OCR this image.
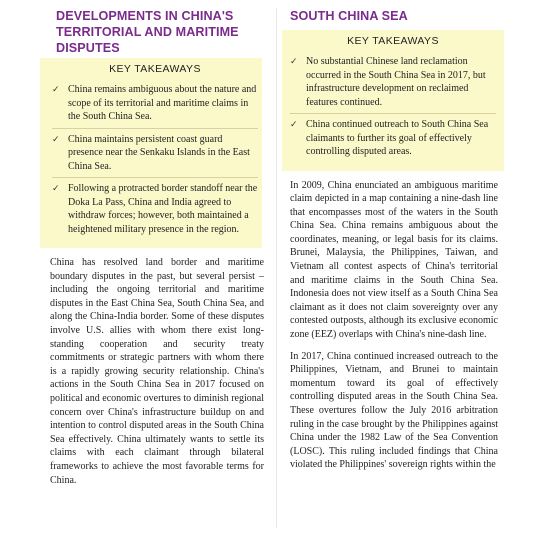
DEVELOPMENTS IN CHINA'S TERRITORIAL AND MARITIME DISPUTES
KEY TAKEAWAYS
✓ China remains ambiguous about the nature and scope of its territorial and maritime claims in the South China Sea.
✓ China maintains persistent coast guard presence near the Senkaku Islands in the East China Sea.
✓ Following a protracted border standoff near the Doka La Pass, China and India agreed to withdraw forces; however, both maintained a heightened military presence in the region.

China has resolved land border and maritime boundary disputes in the past, but several persist – including the ongoing territorial and maritime disputes in the East China Sea, South China Sea, and along the China-India border. Some of these disputes involve U.S. allies with whom there exist long-standing cooperation and security treaty commitments or strategic partners with whom there is a rapidly growing security relationship. China's actions in the South China Sea in 2017 focused on political and economic overtures to diminish regional concern over China's infrastructure buildup on and intention to control disputed areas in the South China Sea effectively. China ultimately wants to settle its claims with each claimant through bilateral frameworks to achieve the most favorable terms for China.

SOUTH CHINA SEA
KEY TAKEAWAYS
✓ No substantial Chinese land reclamation occurred in the South China Sea in 2017, but infrastructure development on reclaimed features continued.
✓ China continued outreach to South China Sea claimants to further its goal of effectively controlling disputed areas.

In 2009, China enunciated an ambiguous maritime claim depicted in a map containing a nine-dash line that encompasses most of the waters in the South China Sea. China remains ambiguous about the coordinates, meaning, or legal basis for its claims. Brunei, Malaysia, the Philippines, Taiwan, and Vietnam all contest aspects of China's territorial and maritime claims in the South China Sea. Indonesia does not view itself as a South China Sea claimant as it does not claim sovereignty over any contested outposts, although its exclusive economic zone (EEZ) overlaps with China's nine-dash line.

In 2017, China continued increased outreach to the Philippines, Vietnam, and Brunei to maintain momentum toward its goal of effectively controlling disputed areas in the South China Sea. These overtures follow the July 2016 arbitration ruling in the case brought by the Philippines against China under the 1982 Law of the Sea Convention (LOSC). This ruling included findings that China violated the Philippines' sovereign rights within the
